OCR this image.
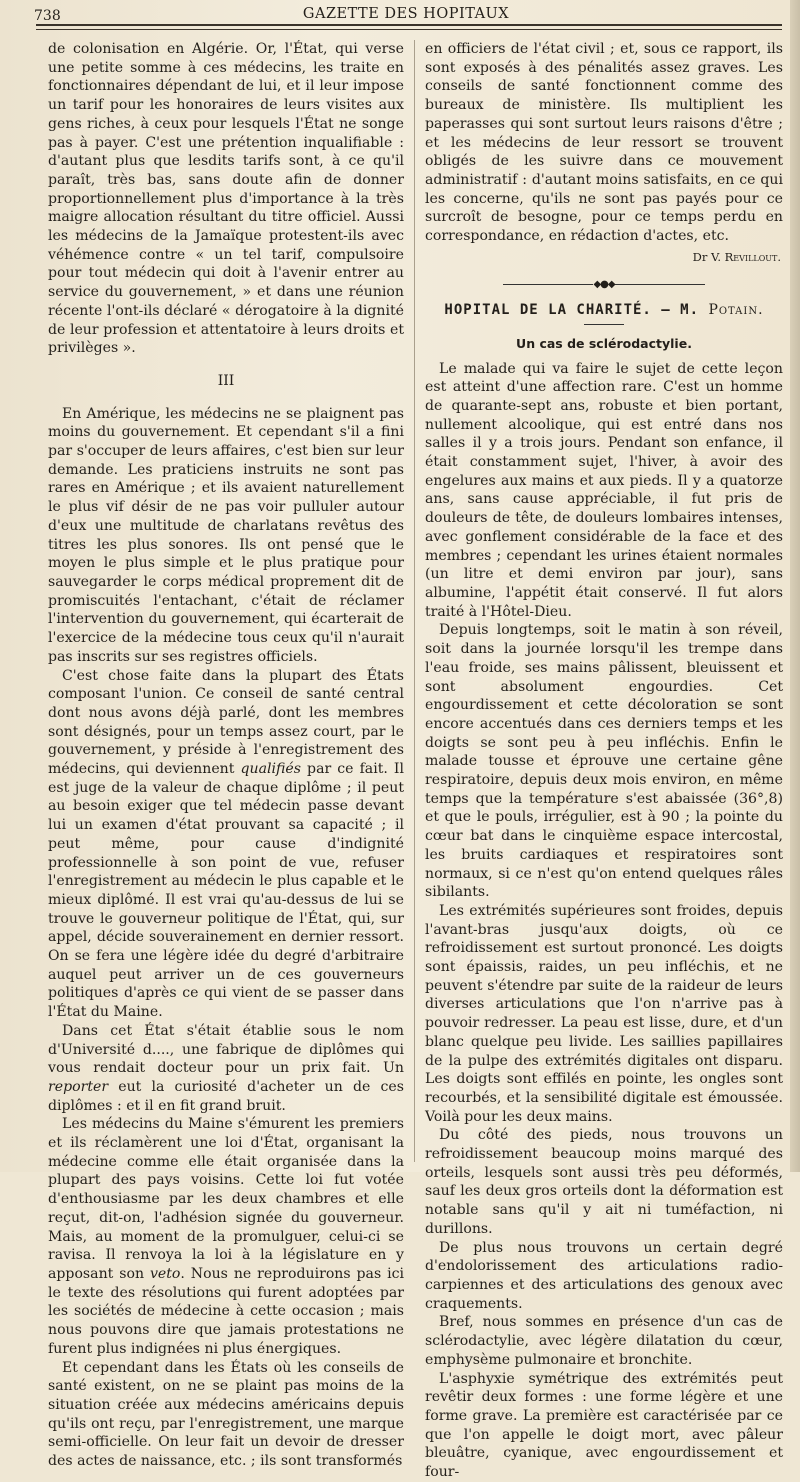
738	GAZETTE DES HOPITAUX

de colonisation en Algérie. Or, l'État, qui verse une petite somme à ces médecins, les traite en fonctionnaires dépendant de lui, et il leur impose un tarif pour les honoraires de leurs visites aux gens riches, à ceux pour lesquels l'État ne songe pas à payer. C'est une prétention inqualifiable : d'autant plus que lesdits tarifs sont, à ce qu'il paraît, très bas, sans doute afin de donner proportionnellement plus d'importance à la très maigre allocation résultant du titre officiel. Aussi les médecins de la Jamaïque protestent-ils avec véhémence contre « un tel tarif, compulsoire pour tout médecin qui doit à l'avenir entrer au service du gouvernement, » et dans une réunion récente l'ont-ils déclaré « dérogatoire à la dignité de leur profession et attentatoire à leurs droits et privilèges ».

III

En Amérique, les médecins ne se plaignent pas moins du gouvernement. Et cependant s'il a fini par s'occuper de leurs affaires, c'est bien sur leur demande. Les praticiens instruits ne sont pas rares en Amérique ; et ils avaient naturellement le plus vif désir de ne pas voir pulluler autour d'eux une multitude de charlatans revêtus des titres les plus sonores. Ils ont pensé que le moyen le plus simple et le plus pratique pour sauvegarder le corps médical proprement dit de promiscuités l'entachant, c'était de réclamer l'intervention du gouvernement, qui écarterait de l'exercice de la médecine tous ceux qu'il n'aurait pas inscrits sur ses registres officiels.

C'est chose faite dans la plupart des États composant l'union. Ce conseil de santé central dont nous avons déjà parlé, dont les membres sont désignés, pour un temps assez court, par le gouvernement, y préside à l'enregistrement des médecins, qui deviennent qualifiés par ce fait. Il est juge de la valeur de chaque diplôme ; il peut au besoin exiger que tel médecin passe devant lui un examen d'état prouvant sa capacité ; il peut même, pour cause d'indignité professionnelle à son point de vue, refuser l'enregistrement au médecin le plus capable et le mieux diplômé. Il est vrai qu'au-dessus de lui se trouve le gouverneur politique de l'État, qui, sur appel, décide souverainement en dernier ressort. On se fera une légère idée du degré d'arbitraire auquel peut arriver un de ces gouverneurs politiques d'après ce qui vient de se passer dans l'État du Maine.

Dans cet État s'était établie sous le nom d'Université d...., une fabrique de diplômes qui vous rendait docteur pour un prix fait. Un reporter eut la curiosité d'acheter un de ces diplômes : et il en fit grand bruit.

Les médecins du Maine s'émurent les premiers et ils réclamèrent une loi d'État, organisant la médecine comme elle était organisée dans la plupart des pays voisins. Cette loi fut votée d'enthousiasme par les deux chambres et elle reçut, dit-on, l'adhésion signée du gouverneur. Mais, au moment de la promulguer, celui-ci se ravisa. Il renvoya la loi à la législature en y apposant son veto. Nous ne reproduirons pas ici le texte des résolutions qui furent adoptées par les sociétés de médecine à cette occasion ; mais nous pouvons dire que jamais protestations ne furent plus indignées ni plus énergiques.

Et cependant dans les États où les conseils de santé existent, on ne se plaint pas moins de la situation créée aux médecins américains depuis qu'ils ont reçu, par l'enregistrement, une marque semi-officielle. On leur fait un devoir de dresser des actes de naissance, etc. ; ils sont transformés

en officiers de l'état civil ; et, sous ce rapport, ils sont exposés à des pénalités assez graves. Les conseils de santé fonctionnent comme des bureaux de ministère. Ils multiplient les paperasses qui sont surtout leurs raisons d'être ; et les médecins de leur ressort se trouvent obligés de les suivre dans ce mouvement administratif : d'autant moins satisfaits, en ce qui les concerne, qu'ils ne sont pas payés pour ce surcroît de besogne, pour ce temps perdu en correspondance, en rédaction d'actes, etc.

Dr V. Revillout.
◆●◆
HOPITAL DE LA CHARITÉ. — M. Potain.
Un cas de sclérodactylie.

Le malade qui va faire le sujet de cette leçon est atteint d'une affection rare. C'est un homme de quarante-sept ans, robuste et bien portant, nullement alcoolique, qui est entré dans nos salles il y a trois jours. Pendant son enfance, il était constamment sujet, l'hiver, à avoir des engelures aux mains et aux pieds. Il y a quatorze ans, sans cause appréciable, il fut pris de douleurs de tête, de douleurs lombaires intenses, avec gonflement considérable de la face et des membres ; cependant les urines étaient normales (un litre et demi environ par jour), sans albumine, l'appétit était conservé. Il fut alors traité à l'Hôtel-Dieu.

Depuis longtemps, soit le matin à son réveil, soit dans la journée lorsqu'il les trempe dans l'eau froide, ses mains pâlissent, bleuissent et sont absolument engourdies. Cet engourdissement et cette décoloration se sont encore accentués dans ces derniers temps et les doigts se sont peu à peu infléchis. Enfin le malade tousse et éprouve une certaine gêne respiratoire, depuis deux mois environ, en même temps que la température s'est abaissée (36°,8) et que le pouls, irrégulier, est à 90 ; la pointe du cœur bat dans le cinquième espace intercostal, les bruits cardiaques et respiratoires sont normaux, si ce n'est qu'on entend quelques râles sibilants.

Les extrémités supérieures sont froides, depuis l'avant-bras jusqu'aux doigts, où ce refroidissement est surtout prononcé. Les doigts sont épaissis, raides, un peu infléchis, et ne peuvent s'étendre par suite de la raideur de leurs diverses articulations que l'on n'arrive pas à pouvoir redresser. La peau est lisse, dure, et d'un blanc quelque peu livide. Les saillies papillaires de la pulpe des extrémités digitales ont disparu. Les doigts sont effilés en pointe, les ongles sont recourbés, et la sensibilité digitale est émoussée. Voilà pour les deux mains.

Du côté des pieds, nous trouvons un refroidissement beaucoup moins marqué des orteils, lesquels sont aussi très peu déformés, sauf les deux gros orteils dont la déformation est notable sans qu'il y ait ni tuméfaction, ni durillons.

De plus nous trouvons un certain degré d'endolorissement des articulations radio-carpiennes et des articulations des genoux avec craquements.

Bref, nous sommes en présence d'un cas de sclérodactylie, avec légère dilatation du cœur, emphysème pulmonaire et bronchite.

L'asphyxie symétrique des extrémités peut revêtir deux formes : une forme légère et une forme grave. La première est caractérisée par ce que l'on appelle le doigt mort, avec pâleur bleuâtre, cyanique, avec engourdissement et four-
